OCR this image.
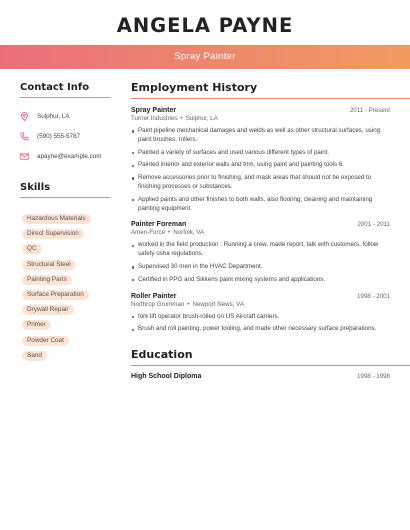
ANGELA PAYNE
Spray Painter
Contact Info
Sulphur, LA
(590) 555-5787
apayne@example.com
Skills
Hazardous Materials
Direct Supervision
QC
Structural Steel
Painting Parts
Surface Preparation
Drywall Repair
Primer
Powder Coat
Sand
Employment History
Spray Painter	2011 - Present
Turner Industries • Sulphur, LA
Paint pipeline mechanical damages and welds as well as other structural surfaces, using paint brushes, rollers.
Painted a variety of surfaces and used various different types of paint.
Painted interior and exterior walls and trim, using paint and painting tools 6.
Remove accessories prior to finishing, and mask areas that should not be exposed to finishing processes or substances.
Applied paints and other finishes to both walls, also flooring; cleaning and maintaining painting equipment.
Painter Foreman	2001 - 2011
Amen-Force • Norfolk, VA
worked in the field production : Running a crew, made report, talk with customers, follow safety osha regulations.
Supervised 30 men in the HVAC Department.
Certified in PPG and Sikkens paint mixing systems and applications.
Roller Painter	1998 - 2001
Northrop Grumman • Newport News, VA
fork lift operator brush-rolled on US Aircraft carriers.
Brush and roll painting, power tooling, and made other necessary surface preparations.
Education
High School Diploma	1998 - 1998
